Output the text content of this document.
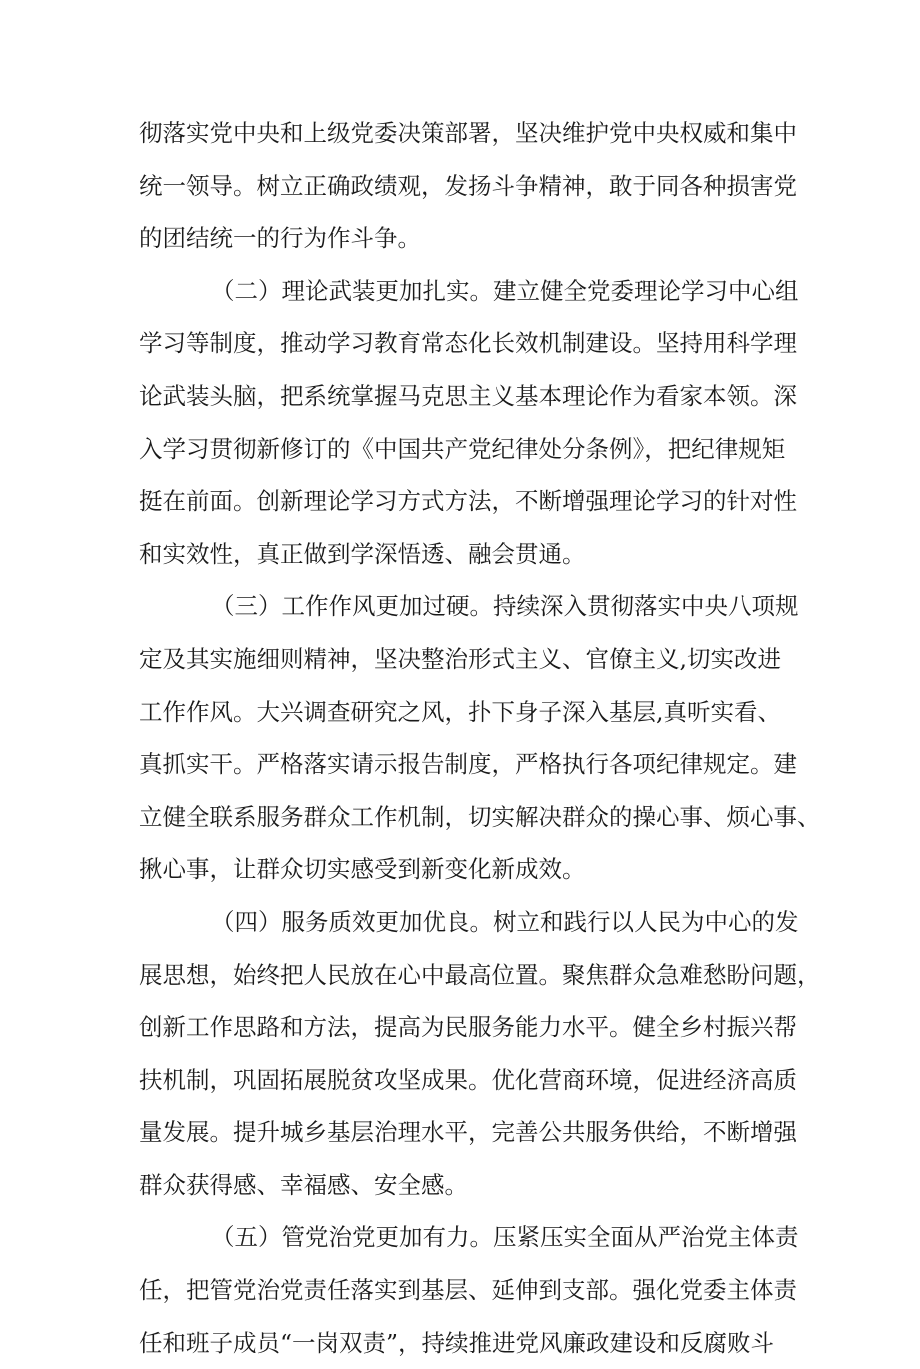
彻落实党中央和上级党委决策部署，坚决维护党中央权威和集中
统一领导。树立正确政绩观，发扬斗争精神，敢于同各种损害党
的团结统一的行为作斗争。
（二）理论武装更加扎实。建立健全党委理论学习中心组
学习等制度，推动学习教育常态化长效机制建设。坚持用科学理
论武装头脑，把系统掌握马克思主义基本理论作为看家本领。深
入学习贯彻新修订的《中国共产党纪律处分条例》，把纪律规矩
挺在前面。创新理论学习方式方法，不断增强理论学习的针对性
和实效性，真正做到学深悟透、融会贯通。
（三）工作作风更加过硬。持续深入贯彻落实中央八项规
定及其实施细则精神，坚决整治形式主义、官僚主义,切实改进
工作作风。大兴调查研究之风，扑下身子深入基层,真听实看、
真抓实干。严格落实请示报告制度，严格执行各项纪律规定。建
立健全联系服务群众工作机制，切实解决群众的操心事、烦心事、
揪心事，让群众切实感受到新变化新成效。
（四）服务质效更加优良。树立和践行以人民为中心的发
展思想，始终把人民放在心中最高位置。聚焦群众急难愁盼问题，
创新工作思路和方法，提高为民服务能力水平。健全乡村振兴帮
扶机制，巩固拓展脱贫攻坚成果。优化营商环境，促进经济高质
量发展。提升城乡基层治理水平，完善公共服务供给，不断增强
群众获得感、幸福感、安全感。
（五）管党治党更加有力。压紧压实全面从严治党主体责
任，把管党治党责任落实到基层、延伸到支部。强化党委主体责
任和班子成员“一岗双责”，持续推进党风廉政建设和反腐败斗
